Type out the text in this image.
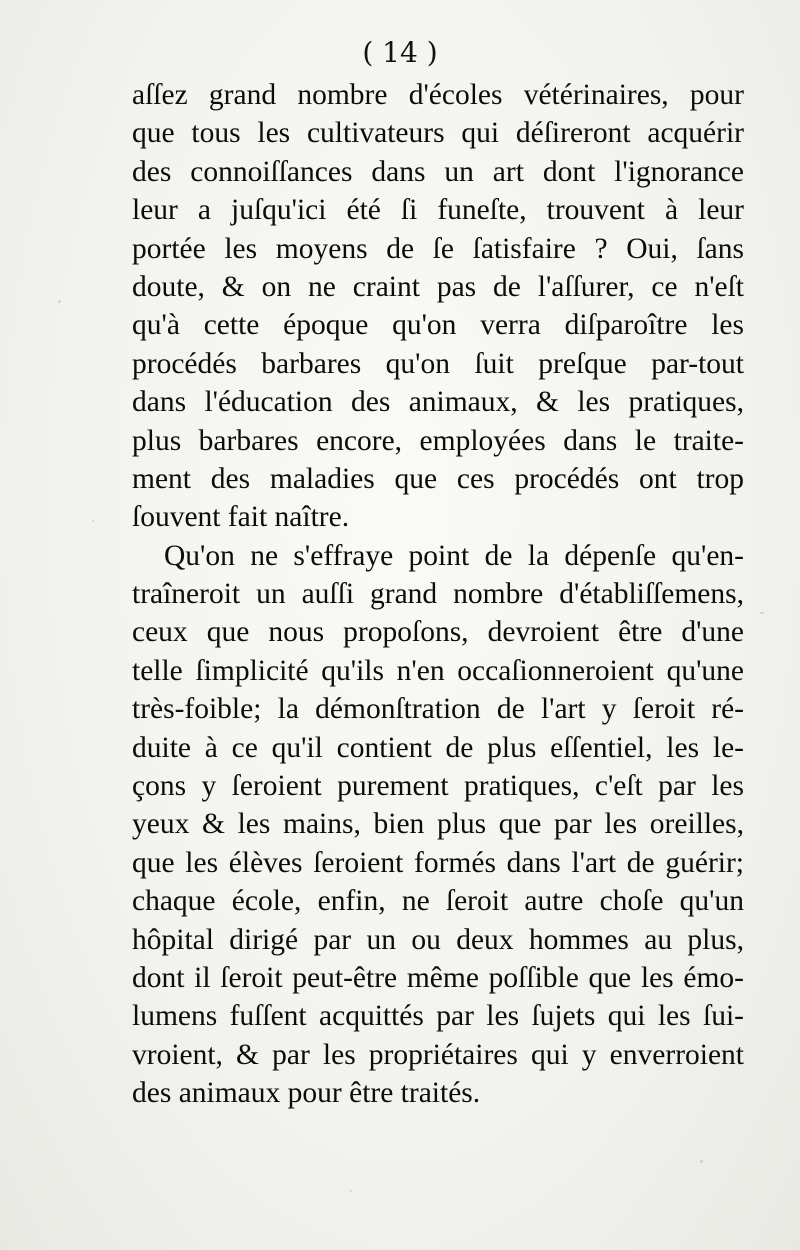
( 14 )
aſſez grand nombre d'écoles vétérinaires, pour
que tous les cultivateurs qui déſireront acquérir
des connoiſſances dans un art dont l'ignorance
leur a juſqu'ici été ſi funeſte, trouvent à leur
portée les moyens de ſe ſatisfaire ? Oui, ſans
doute, & on ne craint pas de l'aſſurer, ce n'eſt
qu'à cette époque qu'on verra diſparoître les
procédés barbares qu'on ſuit preſque par-tout
dans l'éducation des animaux, & les pratiques,
plus barbares encore, employées dans le traite-
ment des maladies que ces procédés ont trop
ſouvent fait naître.
Qu'on ne s'effraye point de la dépenſe qu'en-
traîneroit un auſſi grand nombre d'établiſſemens,
ceux que nous propoſons, devroient être d'une
telle ſimplicité qu'ils n'en occaſionneroient qu'une
très-foible; la démonſtration de l'art y ſeroit ré-
duite à ce qu'il contient de plus eſſentiel, les le-
çons y ſeroient purement pratiques, c'eſt par les
yeux & les mains, bien plus que par les oreilles,
que les élèves ſeroient formés dans l'art de guérir;
chaque école, enfin, ne ſeroit autre choſe qu'un
hôpital dirigé par un ou deux hommes au plus,
dont il ſeroit peut-être même poſſible que les émo-
lumens fuſſent acquittés par les ſujets qui les ſui-
vroient, & par les propriétaires qui y enverroient
des animaux pour être traités.
